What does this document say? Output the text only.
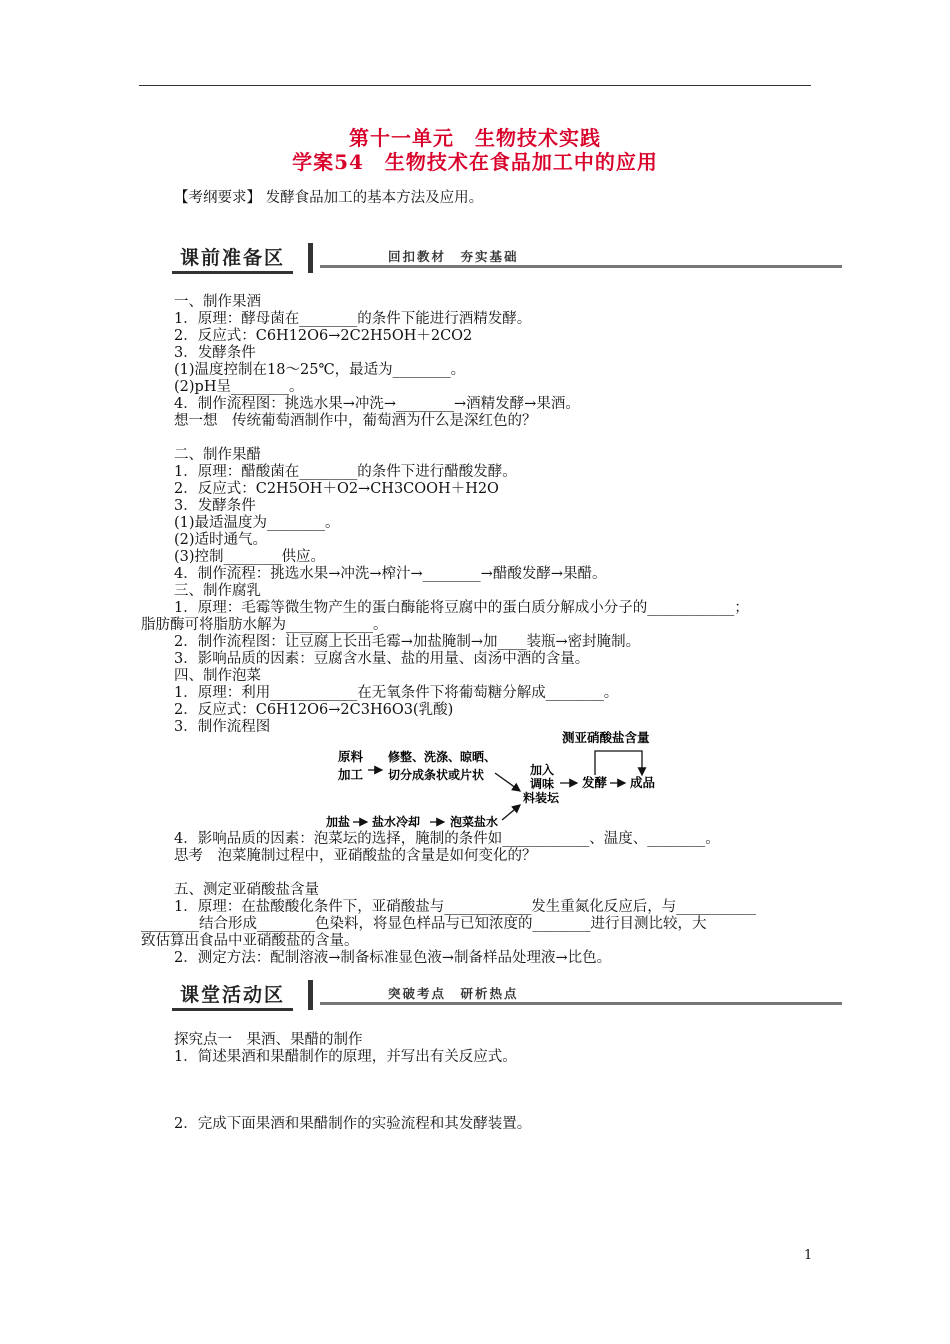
第十一单元　生物技术实践
学案54　生物技术在食品加工中的应用
【考纲要求】 发酵食品加工的基本方法及应用。
课前准备区	回扣教材　夯实基础
一、制作果酒
1．原理：酵母菌在________的条件下能进行酒精发酵。
2．反应式：C6H12O6→2C2H5OH＋2CO2
3．发酵条件
(1)温度控制在18～25℃，最适为________。
(2)pH呈________。
4．制作流程图：挑选水果→冲洗→________→酒精发酵→果酒。
想一想　传统葡萄酒制作中，葡萄酒为什么是深红色的？
二、制作果醋
1．原理：醋酸菌在________的条件下进行醋酸发酵。
2．反应式：C2H5OH＋O2→CH3COOH＋H2O
3．发酵条件
(1)最适温度为________。
(2)适时通气。
(3)控制________供应。
4．制作流程：挑选水果→冲洗→榨汁→________→醋酸发酵→果醋。
三、制作腐乳
1．原理：毛霉等微生物产生的蛋白酶能将豆腐中的蛋白质分解成小分子的____________；
脂肪酶可将脂肪水解为____________。
2．制作流程图：让豆腐上长出毛霉→加盐腌制→加____装瓶→密封腌制。
3．影响品质的因素：豆腐含水量、盐的用量、卤汤中酒的含量。
四、制作泡菜
1．原理：利用____________在无氧条件下将葡萄糖分解成________。
2．反应式：C6H12O6→2C3H6O3(乳酸)
3．制作流程图
原料
加工
修整、洗涤、晾晒、
切分成条状或片状	加入
调味
料装坛
发酵 成品
测亚硝酸盐含量
加盐 盐水冷却 泡菜盐水
4．影响品质的因素：泡菜坛的选择，腌制的条件如____________、温度、________。
思考　泡菜腌制过程中，亚硝酸盐的含量是如何变化的？
五、测定亚硝酸盐含量
1．原理：在盐酸酸化条件下，亚硝酸盐与____________发生重氮化反应后，与___________
________结合形成________色染料，将显色样品与已知浓度的________进行目测比较，大
致估算出食品中亚硝酸盐的含量。
2．测定方法：配制溶液→制备标准显色液→制备样品处理液→比色。
课堂活动区	突破考点　研析热点
探究点一　果酒、果醋的制作
1．简述果酒和果醋制作的原理，并写出有关反应式。
2．完成下面果酒和果醋制作的实验流程和其发酵装置。
1
